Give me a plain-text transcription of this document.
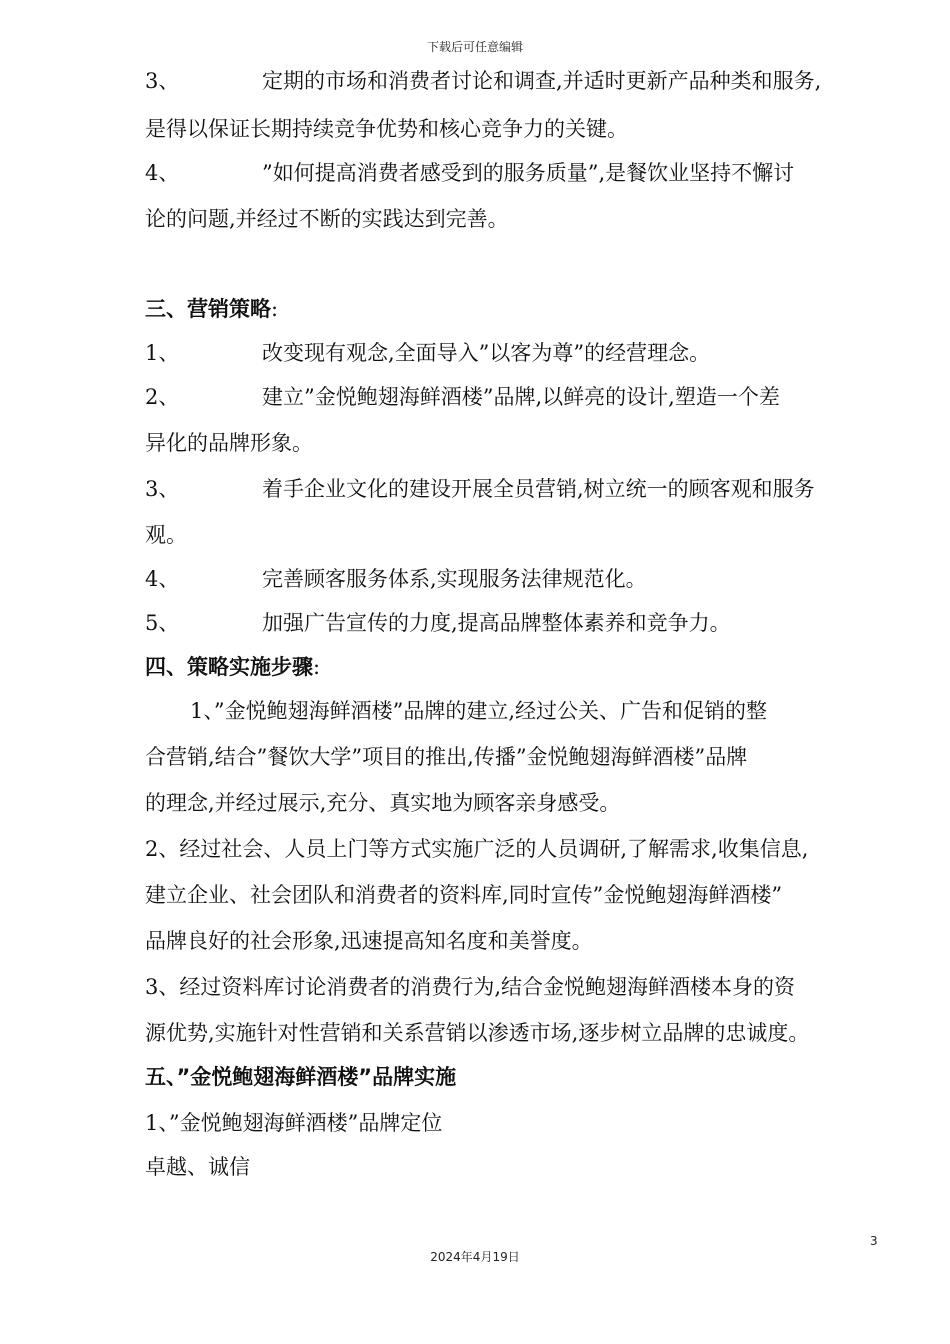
下载后可任意编辑
3、	定期的市场和消费者讨论和调查,并适时更新产品种类和服务,
是得以保证长期持续竞争优势和核心竞争力的关键。
4、	”如何提高消费者感受到的服务质量”,是餐饮业坚持不懈讨
论的问题,并经过不断的实践达到完善。
三、营销策略:
1、	改变现有观念,全面导入”以客为尊”的经营理念。
2、	建立”金悦鲍翅海鲜酒楼”品牌,以鲜亮的设计,塑造一个差
异化的品牌形象。
3、	着手企业文化的建设开展全员营销,树立统一的顾客观和服务
观。
4、	完善顾客服务体系,实现服务法律规范化。
5、	加强广告宣传的力度,提高品牌整体素养和竞争力。
四、策略实施步骤:
1、”金悦鲍翅海鲜酒楼”品牌的建立,经过公关、广告和促销的整
合营销,结合”餐饮大学”项目的推出,传播”金悦鲍翅海鲜酒楼”品牌
的理念,并经过展示,充分、真实地为顾客亲身感受。
2、经过社会、人员上门等方式实施广泛的人员调研,了解需求,收集信息,
建立企业、社会团队和消费者的资料库,同时宣传”金悦鲍翅海鲜酒楼”
品牌良好的社会形象,迅速提高知名度和美誉度。
3、经过资料库讨论消费者的消费行为,结合金悦鲍翅海鲜酒楼本身的资
源优势,实施针对性营销和关系营销以渗透市场,逐步树立品牌的忠诚度。
五、”金悦鲍翅海鲜酒楼”品牌实施
1、”金悦鲍翅海鲜酒楼”品牌定位
卓越、诚信
3
2024年4月19日
